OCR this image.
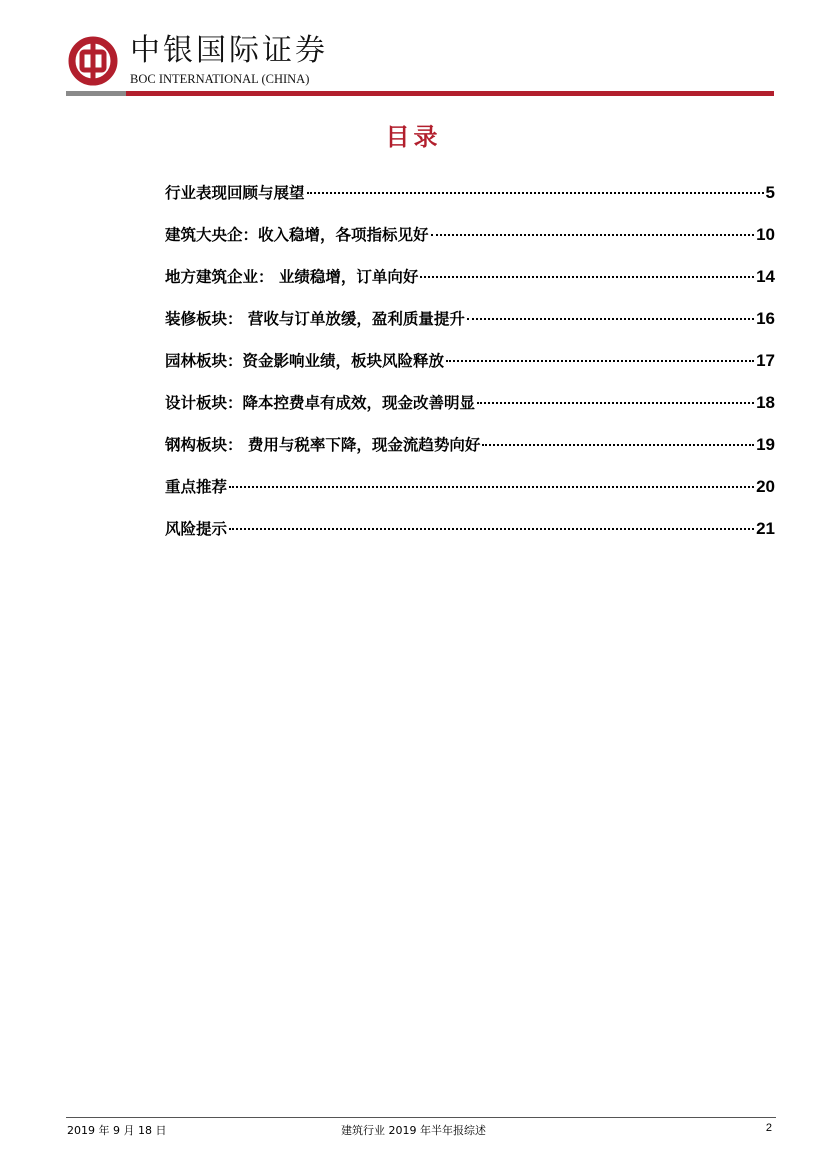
中银国际证券
BOC INTERNATIONAL (CHINA)
目录
行业表现回顾与展望	5
建筑大央企：收入稳增，各项指标见好	10
地方建筑企业： 业绩稳增，订单向好	14
装修板块： 营收与订单放缓，盈利质量提升	16
园林板块：资金影响业绩，板块风险释放	17
设计板块：降本控费卓有成效，现金改善明显	18
钢构板块： 费用与税率下降，现金流趋势向好	19
重点推荐	20
风险提示	21
2019 年 9 月 18 日	建筑行业 2019 年半年报综述	2
